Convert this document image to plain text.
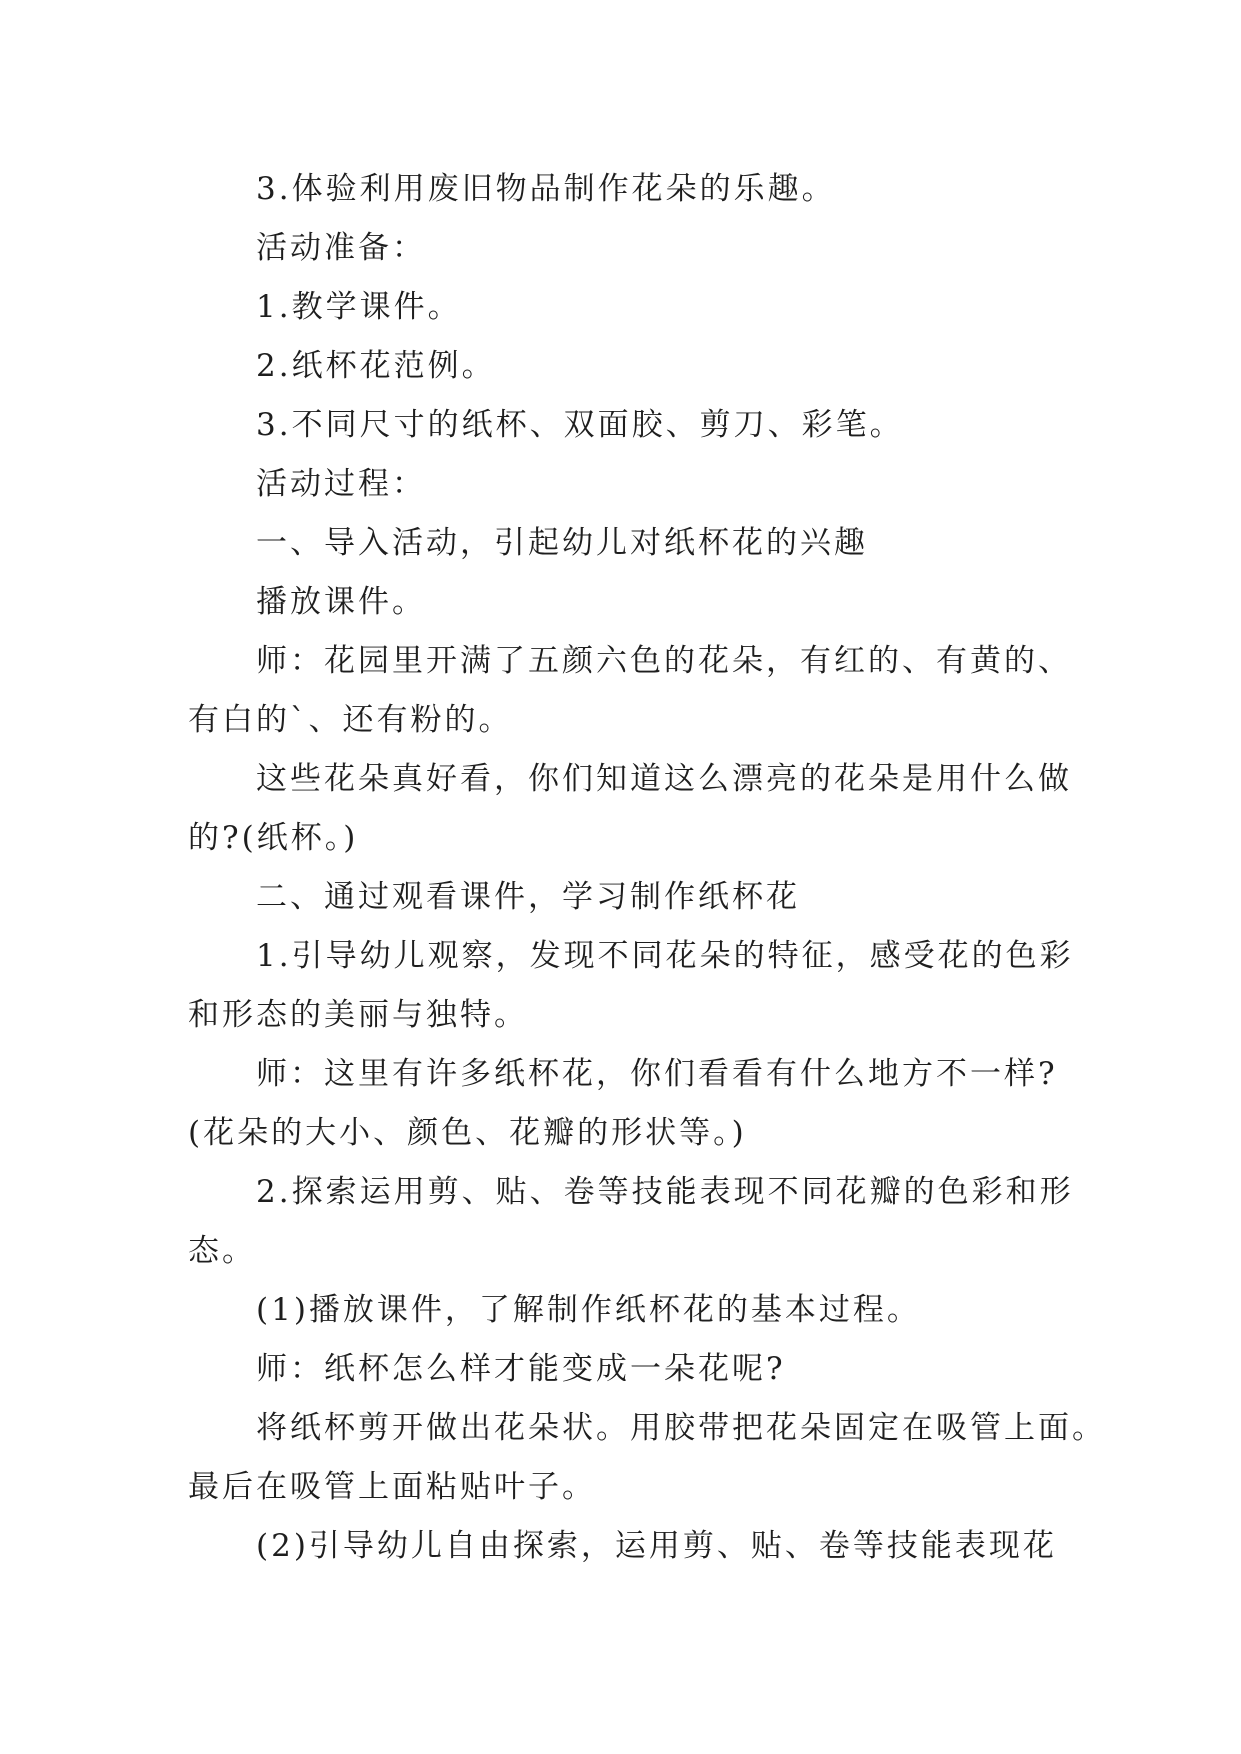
3.体验利用废旧物品制作花朵的乐趣。
活动准备：
1.教学课件。
2.纸杯花范例。
3.不同尺寸的纸杯、双面胶、剪刀、彩笔。
活动过程：
一、导入活动，引起幼儿对纸杯花的兴趣
播放课件。
师：花园里开满了五颜六色的花朵，有红的、有黄的、
有白的`、还有粉的。
这些花朵真好看，你们知道这么漂亮的花朵是用什么做
的?(纸杯。)
二、通过观看课件，学习制作纸杯花
1.引导幼儿观察，发现不同花朵的特征，感受花的色彩
和形态的美丽与独特。
师：这里有许多纸杯花，你们看看有什么地方不一样?
(花朵的大小、颜色、花瓣的形状等。)
2.探索运用剪、贴、卷等技能表现不同花瓣的色彩和形
态。
(1)播放课件，了解制作纸杯花的基本过程。
师：纸杯怎么样才能变成一朵花呢?
将纸杯剪开做出花朵状。用胶带把花朵固定在吸管上面。
最后在吸管上面粘贴叶子。
(2)引导幼儿自由探索，运用剪、贴、卷等技能表现花
